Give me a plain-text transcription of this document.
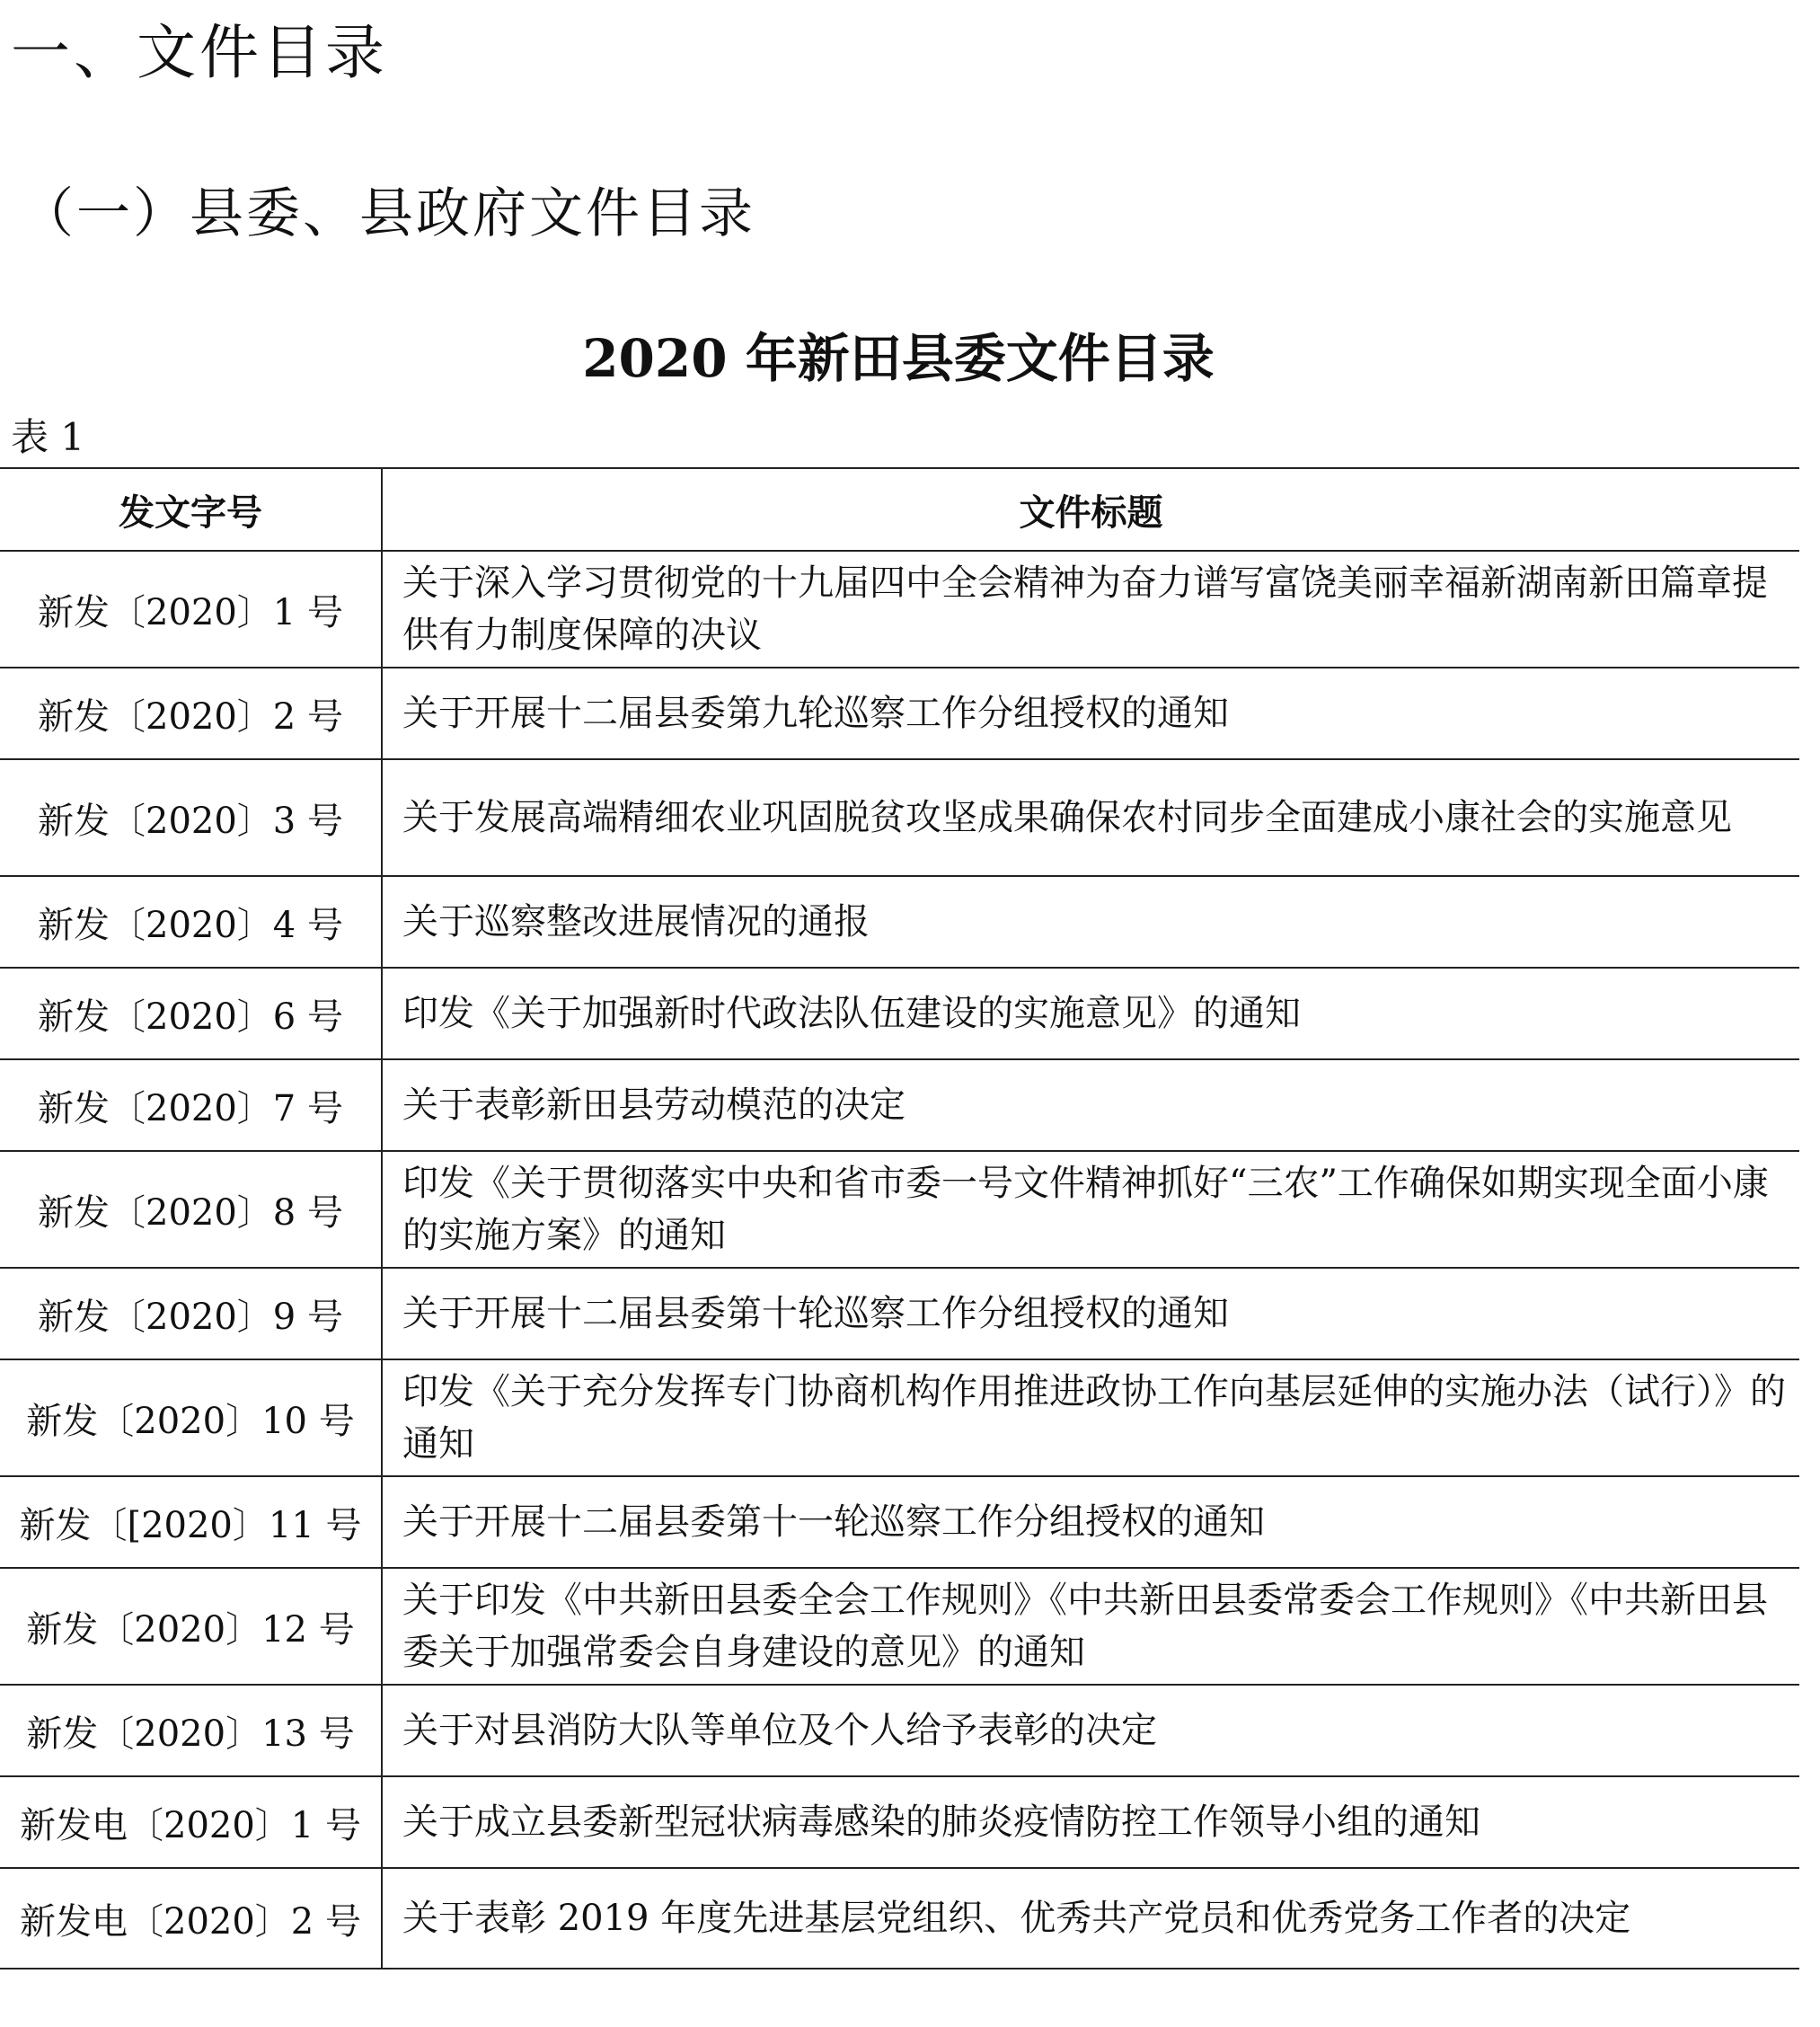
一、文件目录
（一）县委、县政府文件目录
2020 年新田县委文件目录
表 1
发文字号	文件标题
新发〔2020〕1 号	关于深入学习贯彻党的十九届四中全会精神为奋力谱写富饶美丽幸福新湖南新田篇章提供有力制度保障的决议
新发〔2020〕2 号	关于开展十二届县委第九轮巡察工作分组授权的通知
新发〔2020〕3 号	关于发展高端精细农业巩固脱贫攻坚成果确保农村同步全面建成小康社会的实施意见
新发〔2020〕4 号	关于巡察整改进展情况的通报
新发〔2020〕6 号	印发《关于加强新时代政法队伍建设的实施意见》的通知
新发〔2020〕7 号	关于表彰新田县劳动模范的决定
新发〔2020〕8 号	印发《关于贯彻落实中央和省市委一号文件精神抓好“三农”工作确保如期实现全面小康的实施方案》的通知
新发〔2020〕9 号	关于开展十二届县委第十轮巡察工作分组授权的通知
新发〔2020〕10 号	印发《关于充分发挥专门协商机构作用推进政协工作向基层延伸的实施办法（试行）》的通知
新发〔[2020〕11 号	关于开展十二届县委第十一轮巡察工作分组授权的通知
新发〔2020〕12 号	关于印发《中共新田县委全会工作规则》《中共新田县委常委会工作规则》《中共新田县委关于加强常委会自身建设的意见》的通知
新发〔2020〕13 号	关于对县消防大队等单位及个人给予表彰的决定
新发电〔2020〕1 号	关于成立县委新型冠状病毒感染的肺炎疫情防控工作领导小组的通知
新发电〔2020〕2 号	关于表彰 2019 年度先进基层党组织、优秀共产党员和优秀党务工作者的决定
